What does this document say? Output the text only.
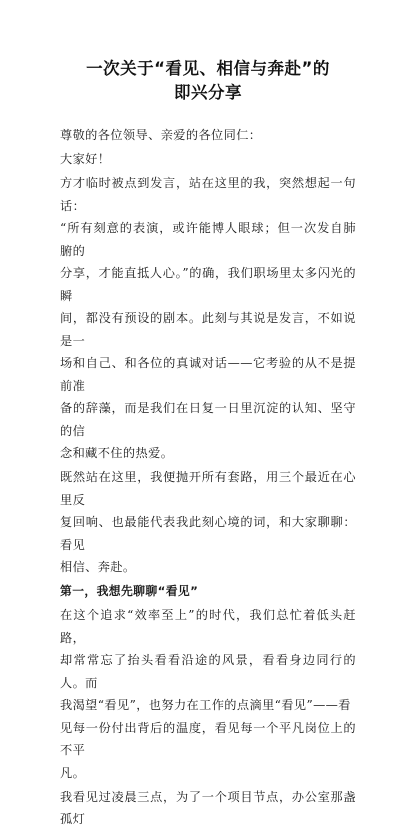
一次关于“看见、相信与奔赴”的
即兴分享

尊敬的各位领导、亲爱的各位同仁：

大家好！

方才临时被点到发言，站在这里的我，突然想起一句话：
“所有刻意的表演，或许能博人眼球；但一次发自肺腑的
分享，才能直抵人心。”的确，我们职场里太多闪光的瞬
间，都没有预设的剧本。此刻与其说是发言，不如说是一
场和自己、和各位的真诚对话——它考验的从不是提前准
备的辞藻，而是我们在日复一日里沉淀的认知、坚守的信
念和藏不住的热爱。

既然站在这里，我便抛开所有套路，用三个最近在心里反
复回响、也最能代表我此刻心境的词，和大家聊聊：看见
相信、奔赴。

第一，我想先聊聊“看见”

在这个追求“效率至上”的时代，我们总忙着低头赶路，
却常常忘了抬头看看沿途的风景，看看身边同行的人。而
我渴望“看见”，也努力在工作的点滴里“看见”——看
见每一份付出背后的温度，看见每一个平凡岗位上的不平
凡。

我看见过凌晨三点，为了一个项目节点，办公室那盏孤灯
